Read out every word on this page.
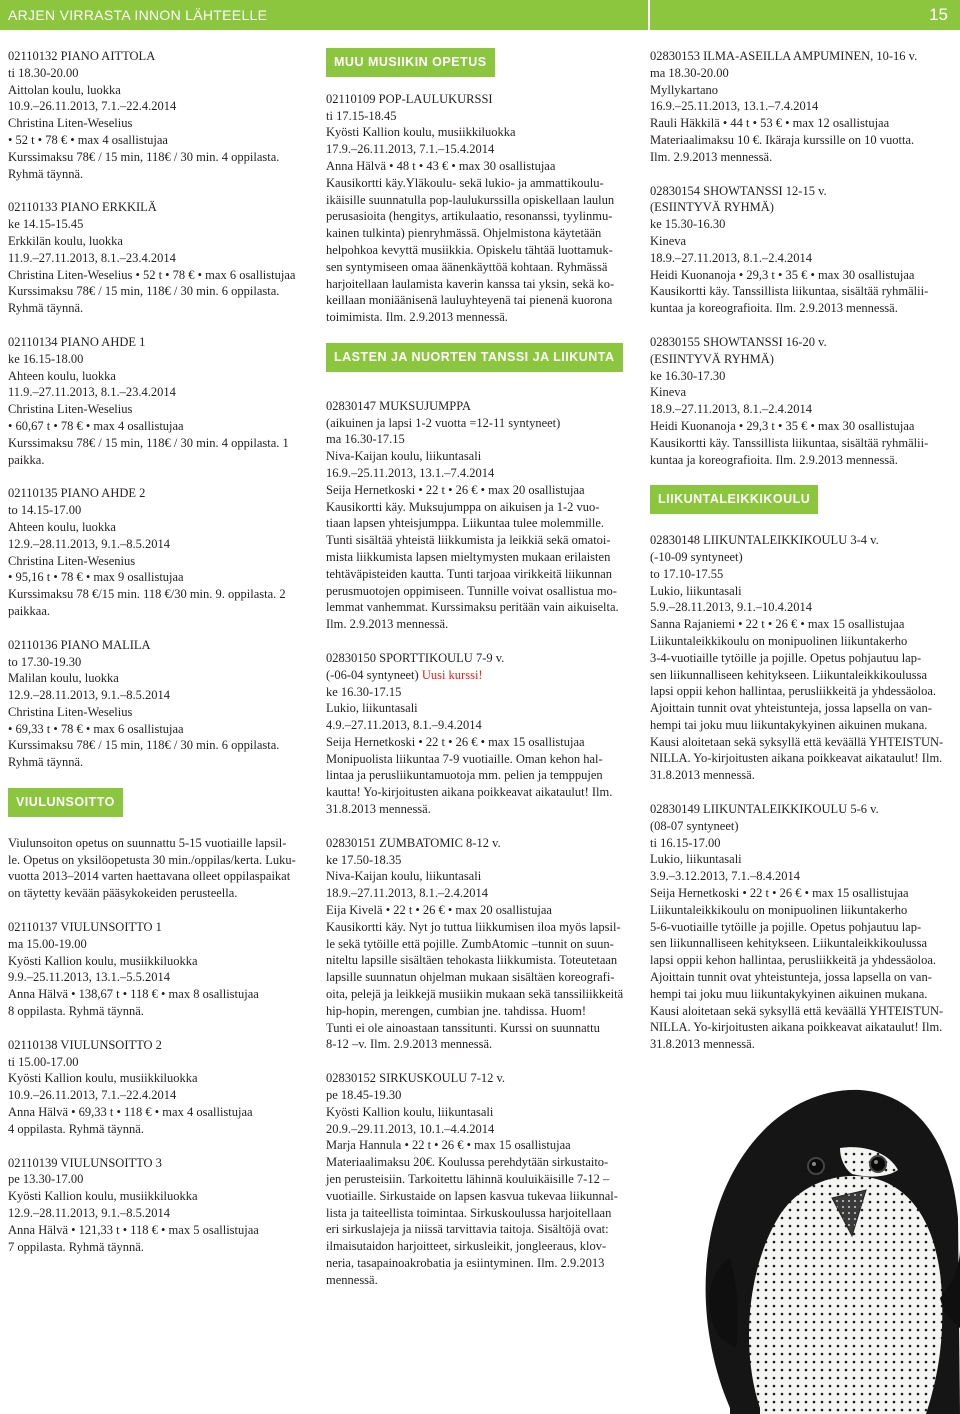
ARJEN VIRRASTA INNON LÄHTEELLE	15

02110132 PIANO AITTOLA

ti 18.30-20.00

Aittolan koulu, luokka

10.9.–26.11.2013, 7.1.–22.4.2014

Christina Liten-Weselius

• 52 t • 78 € • max 4 osallistujaa

Kurssimaksu 78€ / 15 min, 118€ / 30 min. 4 oppilasta.

Ryhmä täynnä.

02110133 PIANO ERKKILÄ

ke 14.15-15.45

Erkkilän koulu, luokka

11.9.–27.11.2013, 8.1.–23.4.2014

Christina Liten-Weselius • 52 t • 78 € • max 6 osallistujaa

Kurssimaksu 78€ / 15 min, 118€ / 30 min. 6 oppilasta.

Ryhmä täynnä.

02110134 PIANO AHDE 1

ke 16.15-18.00

Ahteen koulu, luokka

11.9.–27.11.2013, 8.1.–23.4.2014

Christina Liten-Weselius

• 60,67 t • 78 € • max 4 osallistujaa

Kurssimaksu 78€ / 15 min, 118€ / 30 min. 4 oppilasta. 1

paikka.

02110135 PIANO AHDE 2

to 14.15-17.00

Ahteen koulu, luokka

12.9.–28.11.2013, 9.1.–8.5.2014

Christina Liten-Wesenius

• 95,16 t • 78 € • max 9 osallistujaa

Kurssimaksu 78 €/15 min. 118 €/30 min. 9. oppilasta. 2

paikkaa.

02110136 PIANO MALILA

to 17.30-19.30

Malilan koulu, luokka

12.9.–28.11.2013, 9.1.–8.5.2014

Christina Liten-Weselius

• 69,33 t • 78 € • max 6 osallistujaa

Kurssimaksu 78€ / 15 min, 118€ / 30 min. 6 oppilasta.

Ryhmä täynnä.

VIULUNSOITTO

Viulunsoiton opetus on suunnattu 5-15 vuotiaille lapsil-

le. Opetus on yksilöopetusta 30 min./oppilas/kerta. Luku-

vuotta 2013–2014 varten haettavana olleet oppilaspaikat

on täytetty kevään pääsykokeiden perusteella.

02110137 VIULUNSOITTO 1

ma 15.00-19.00

Kyösti Kallion koulu, musiikkiluokka

9.9.–25.11.2013, 13.1.–5.5.2014

Anna Hälvä • 138,67 t • 118 € • max 8 osallistujaa

8 oppilasta. Ryhmä täynnä.

02110138 VIULUNSOITTO 2

ti 15.00-17.00

Kyösti Kallion koulu, musiikkiluokka

10.9.–26.11.2013, 7.1.–22.4.2014

Anna Hälvä • 69,33 t • 118 € • max 4 osallistujaa

4 oppilasta. Ryhmä täynnä.

02110139 VIULUNSOITTO 3

pe 13.30-17.00

Kyösti Kallion koulu, musiikkiluokka

12.9.–28.11.2013, 9.1.–8.5.2014

Anna Hälvä • 121,33 t • 118 € • max 5 osallistujaa

7 oppilasta. Ryhmä täynnä.

MUU MUSIIKIN OPETUS

02110109 POP-LAULUKURSSI

ti 17.15-18.45

Kyösti Kallion koulu, musiikkiluokka

17.9.–26.11.2013, 7.1.–15.4.2014

Anna Hälvä • 48 t • 43 € • max 30 osallistujaa

Kausikortti käy.Yläkoulu- sekä lukio- ja ammattikoulu-

ikäisille suunnatulla pop-laulukurssilla opiskellaan laulun

perusasioita (hengitys, artikulaatio, resonanssi, tyylinmu-

kainen tulkinta) pienryhmässä. Ohjelmistona käytetään

helpohkoa kevyttä musiikkia. Opiskelu tähtää luottamuk-

sen syntymiseen omaa äänenkäyttöä kohtaan. Ryhmässä

harjoitellaan laulamista kaverin kanssa tai yksin, sekä ko-

keillaan moniäänisenä lauluyhteyenä tai pienenä kuorona

toimimista. Ilm. 2.9.2013 mennessä.

LASTEN JA NUORTEN TANSSI JA LIIKUNTA

02830147 MUKSUJUMPPA

(aikuinen ja lapsi 1-2 vuotta =12-11 syntyneet)

ma 16.30-17.15

Niva-Kaijan koulu, liikuntasali

16.9.–25.11.2013, 13.1.–7.4.2014

Seija Hernetkoski • 22 t • 26 € • max 20 osallistujaa

Kausikortti käy. Muksujumppa on aikuisen ja 1-2 vuo-

tiaan lapsen yhteisjumppa. Liikuntaa tulee molemmille.

Tunti sisältää yhteistä liikkumista ja leikkiä sekä omatoi-

mista liikkumista lapsen mieltymysten mukaan erilaisten

tehtäväpisteiden kautta. Tunti tarjoaa virikkeitä liikunnan

perusmuotojen oppimiseen. Tunnille voivat osallistua mo-

lemmat vanhemmat. Kurssimaksu peritään vain aikuiselta.

Ilm. 2.9.2013 mennessä.

02830150 SPORTTIKOULU 7-9 v.

(-06-04 syntyneet) Uusi kurssi!

ke 16.30-17.15

Lukio, liikuntasali

4.9.–27.11.2013, 8.1.–9.4.2014

Seija Hernetkoski • 22 t • 26 € • max 15 osallistujaa

Monipuolista liikuntaa 7-9 vuotiaille. Oman kehon hal-

lintaa ja perusliikuntamuotoja mm. pelien ja temppujen

kautta! Yo-kirjoitusten aikana poikkeavat aikataulut! Ilm.

31.8.2013 mennessä.

02830151 ZUMBATOMIC 8-12 v.

ke 17.50-18.35

Niva-Kaijan koulu, liikuntasali

18.9.–27.11.2013, 8.1.–2.4.2014

Eija Kivelä • 22 t • 26 € • max 20 osallistujaa

Kausikortti käy. Nyt jo tuttua liikkumisen iloa myös lapsil-

le sekä tytöille että pojille. ZumbAtomic –tunnit on suun-

niteltu lapsille sisältäen tehokasta liikkumista. Toteutetaan

lapsille suunnatun ohjelman mukaan sisältäen koreografi-

oita, pelejä ja leikkejä musiikin mukaan sekä tanssiliikkeitä

hip-hopin, merengen, cumbian jne. tahdissa. Huom!

Tunti ei ole ainoastaan tanssitunti. Kurssi on suunnattu

8-12 –v. Ilm. 2.9.2013 mennessä.

02830152 SIRKUSKOULU 7-12 v.

pe 18.45-19.30

Kyösti Kallion koulu, liikuntasali

20.9.–29.11.2013, 10.1.–4.4.2014

Marja Hannula • 22 t • 26 € • max 15 osallistujaa

Materiaalimaksu 20€. Koulussa perehdytään sirkustaito-

jen perusteisiin. Tarkoitettu lähinnä kouluikäisille 7-12 –

vuotiaille. Sirkustaide on lapsen kasvua tukevaa liikunnal-

lista ja taiteellista toimintaa. Sirkuskoulussa harjoitellaan

eri sirkuslajeja ja niissä tarvittavia taitoja. Sisältöjä ovat:

ilmaisutaidon harjoitteet, sirkusleikit, jongleeraus, klov-

neria, tasapainoakrobatia ja esiintyminen. Ilm. 2.9.2013

mennessä.

02830153 ILMA-ASEILLA AMPUMINEN, 10-16 v.

ma 18.30-20.00

Myllykartano

16.9.–25.11.2013, 13.1.–7.4.2014

Rauli Häkkilä • 44 t • 53 € • max 12 osallistujaa

Materiaalimaksu 10 €. Ikäraja kurssille on 10 vuotta.

Ilm. 2.9.2013 mennessä.

02830154 SHOWTANSSI 12-15 v.

(ESIINTYVÄ RYHMÄ)

ke 15.30-16.30

Kineva

18.9.–27.11.2013, 8.1.–2.4.2014

Heidi Kuonanoja • 29,3 t • 35 € • max 30 osallistujaa

Kausikortti käy. Tanssillista liikuntaa, sisältää ryhmälii-

kuntaa ja koreografioita. Ilm. 2.9.2013 mennessä.

02830155 SHOWTANSSI 16-20 v.

(ESIINTYVÄ RYHMÄ)

ke 16.30-17.30

Kineva

18.9.–27.11.2013, 8.1.–2.4.2014

Heidi Kuonanoja • 29,3 t • 35 € • max 30 osallistujaa

Kausikortti käy. Tanssillista liikuntaa, sisältää ryhmälii-

kuntaa ja koreografioita. Ilm. 2.9.2013 mennessä.

LIIKUNTALEIKKIKOULU

02830148 LIIKUNTALEIKKIKOULU 3-4 v.

(-10-09 syntyneet)

to 17.10-17.55

Lukio, liikuntasali

5.9.–28.11.2013, 9.1.–10.4.2014

Sanna Rajaniemi • 22 t • 26 € • max 15 osallistujaa

Liikuntaleikkikoulu on monipuolinen liikuntakerho

3-4-vuotiaille tytöille ja pojille. Opetus pohjautuu lap-

sen liikunnalliseen kehitykseen. Liikuntaleikkikoulussa

lapsi oppii kehon hallintaa, perusliikkeitä ja yhdessäoloa.

Ajoittain tunnit ovat yhteistunteja, jossa lapsella on van-

hempi tai joku muu liikuntakykyinen aikuinen mukana.

Kausi aloitetaan sekä syksyllä että keväällä YHTEISTUN-

NILLA. Yo-kirjoitusten aikana poikkeavat aikataulut! Ilm.

31.8.2013 mennessä.

02830149 LIIKUNTALEIKKIKOULU 5-6 v.

(08-07 syntyneet)

ti 16.15-17.00

Lukio, liikuntasali

3.9.–3.12.2013, 7.1.–8.4.2014

Seija Hernetkoski • 22 t • 26 € • max 15 osallistujaa

Liikuntaleikkikoulu on monipuolinen liikuntakerho

5-6-vuotiaille tytöille ja pojille. Opetus pohjautuu lap-

sen liikunnalliseen kehitykseen. Liikuntaleikkikoulussa

lapsi oppii kehon hallintaa, perusliikkeitä ja yhdessäoloa.

Ajoittain tunnit ovat yhteistunteja, jossa lapsella on van-

hempi tai joku muu liikuntakykyinen aikuinen mukana.

Kausi aloitetaan sekä syksyllä että keväällä YHTEISTUN-

NILLA. Yo-kirjoitusten aikana poikkeavat aikataulut! Ilm.

31.8.2013 mennessä.
